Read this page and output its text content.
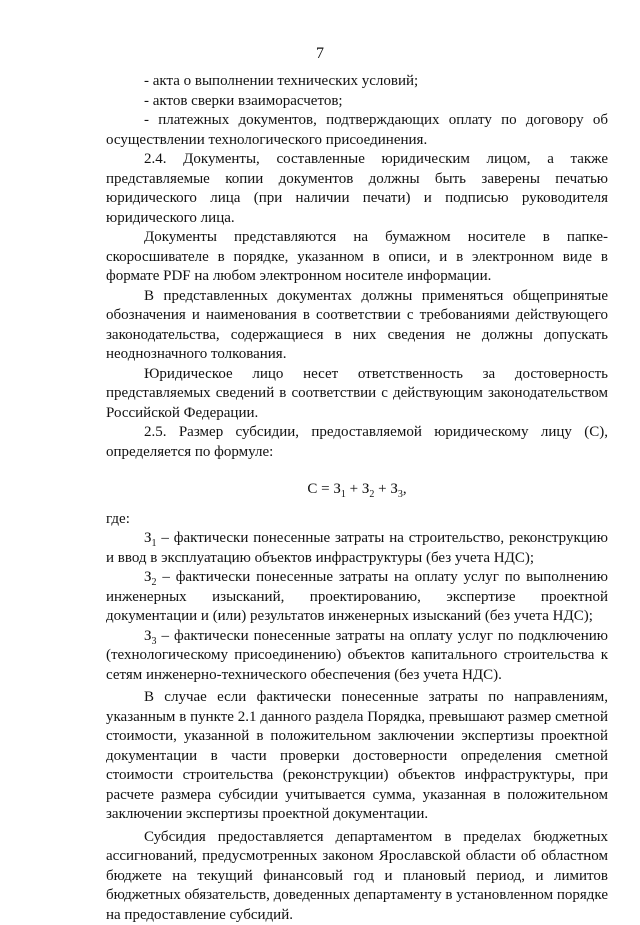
7

- акта о выполнении технических условий;

- актов сверки взаиморасчетов;

- платежных документов, подтверждающих оплату по договору об осуществлении технологического присоединения.

2.4. Документы, составленные юридическим лицом, а также представляемые копии документов должны быть заверены печатью юридического лица (при наличии печати) и подписью руководителя юридического лица.

Документы представляются на бумажном носителе в папке-скоросшивателе в порядке, указанном в описи, и в электронном виде в формате PDF на любом электронном носителе информации.

В представленных документах должны применяться общепринятые обозначения и наименования в соответствии с требованиями действующего законодательства, содержащиеся в них сведения не должны допускать неоднозначного толкования.

Юридическое лицо несет ответственность за достоверность представляемых сведений в соответствии с действующим законодательством Российской Федерации.

2.5. Размер субсидии, предоставляемой юридическому лицу (С), определяется по формуле:

$С = З_1 + З_2 + З_3$,

где:

$З_1$ – фактически понесенные затраты на строительство, реконструкцию и ввод в эксплуатацию объектов инфраструктуры (без учета НДС);

$З_2$ – фактически понесенные затраты на оплату услуг по выполнению инженерных изысканий, проектированию, экспертизе проектной документации и (или) результатов инженерных изысканий (без учета НДС);

$З_3$ – фактически понесенные затраты на оплату услуг по подключению (технологическому присоединению) объектов капитального строительства к сетям инженерно-технического обеспечения (без учета НДС).

В случае если фактически понесенные затраты по направлениям, указанным в пункте 2.1 данного раздела Порядка, превышают размер сметной стоимости, указанной в положительном заключении экспертизы проектной документации в части проверки достоверности определения сметной стоимости строительства (реконструкции) объектов инфраструктуры, при расчете размера субсидии учитывается сумма, указанная в положительном заключении экспертизы проектной документации.

Субсидия предоставляется департаментом в пределах бюджетных ассигнований, предусмотренных законом Ярославской области об областном бюджете на текущий финансовый год и плановый период, и лимитов бюджетных обязательств, доведенных департаменту в установленном порядке на предоставление субсидий.
